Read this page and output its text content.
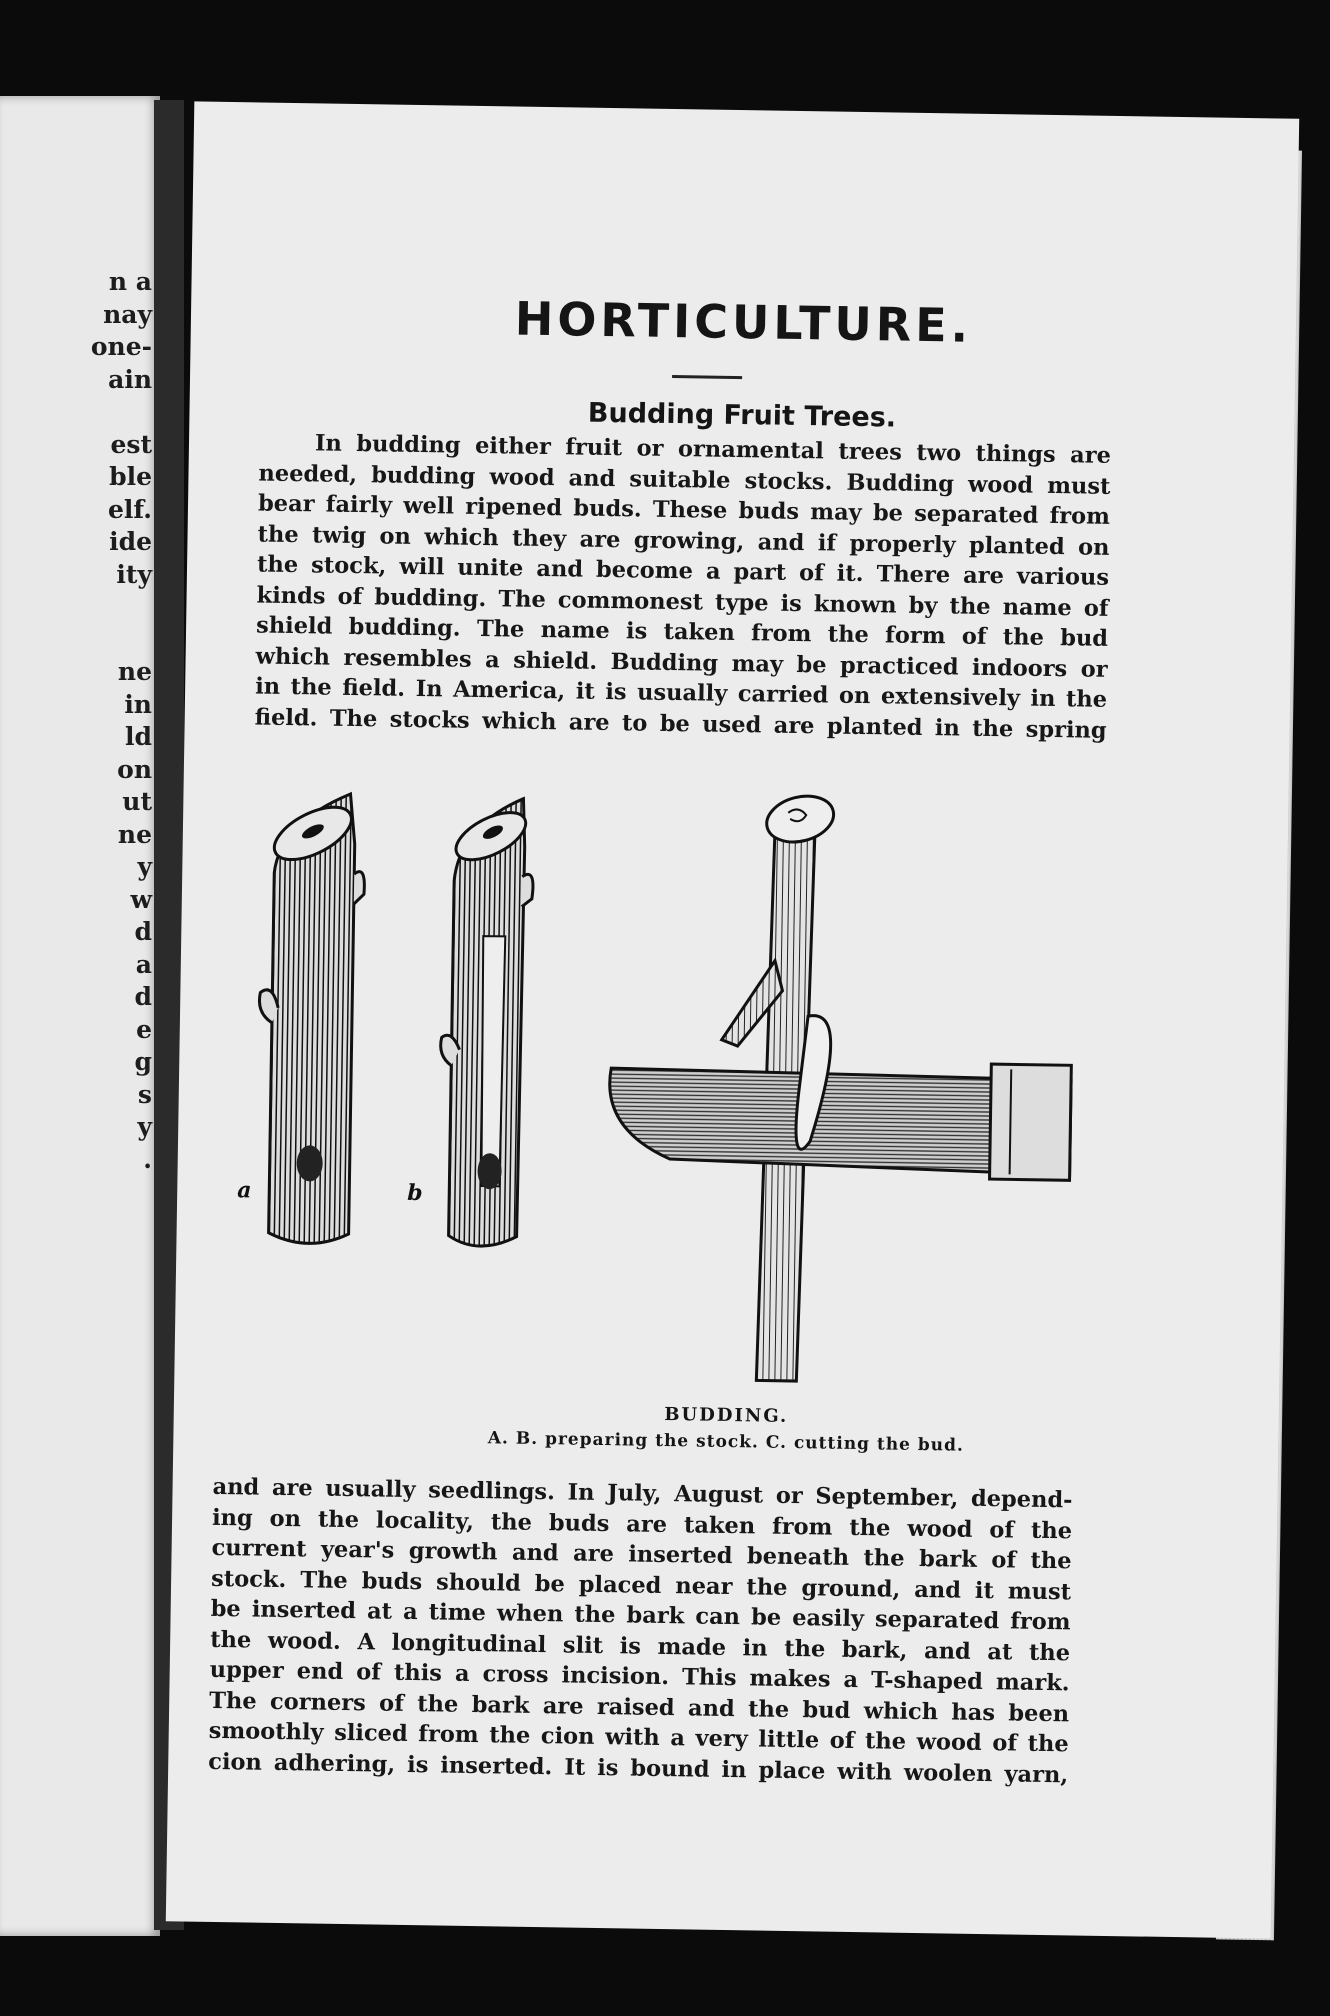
n a
nay
one-
ain
est
ble
elf.
ide
ity
ne
in
ld
on
ut
ne
y
w
d
a
d
e
g
s
y
.
HORTICULTURE.
Budding Fruit Trees.
In budding either fruit or ornamental trees two things are
needed, budding wood and suitable stocks. Budding wood must
bear fairly well ripened buds. These buds may be separated from
the twig on which they are growing, and if properly planted on
the stock, will unite and become a part of it. There are various
kinds of budding. The commonest type is known by the name of
shield budding. The name is taken from the form of the bud
which resembles a shield. Budding may be practiced indoors or
in the field. In America, it is usually carried on extensively in the
field. The stocks which are to be used are planted in the spring
a	b
BUDDING.
A. B. preparing the stock. C. cutting the bud.
and are usually seedlings. In July, August or September, depend-
ing on the locality, the buds are taken from the wood of the
current year's growth and are inserted beneath the bark of the
stock. The buds should be placed near the ground, and it must
be inserted at a time when the bark can be easily separated from
the wood. A longitudinal slit is made in the bark, and at the
upper end of this a cross incision. This makes a T-shaped mark.
The corners of the bark are raised and the bud which has been
smoothly sliced from the cion with a very little of the wood of the
cion adhering, is inserted. It is bound in place with woolen yarn,
